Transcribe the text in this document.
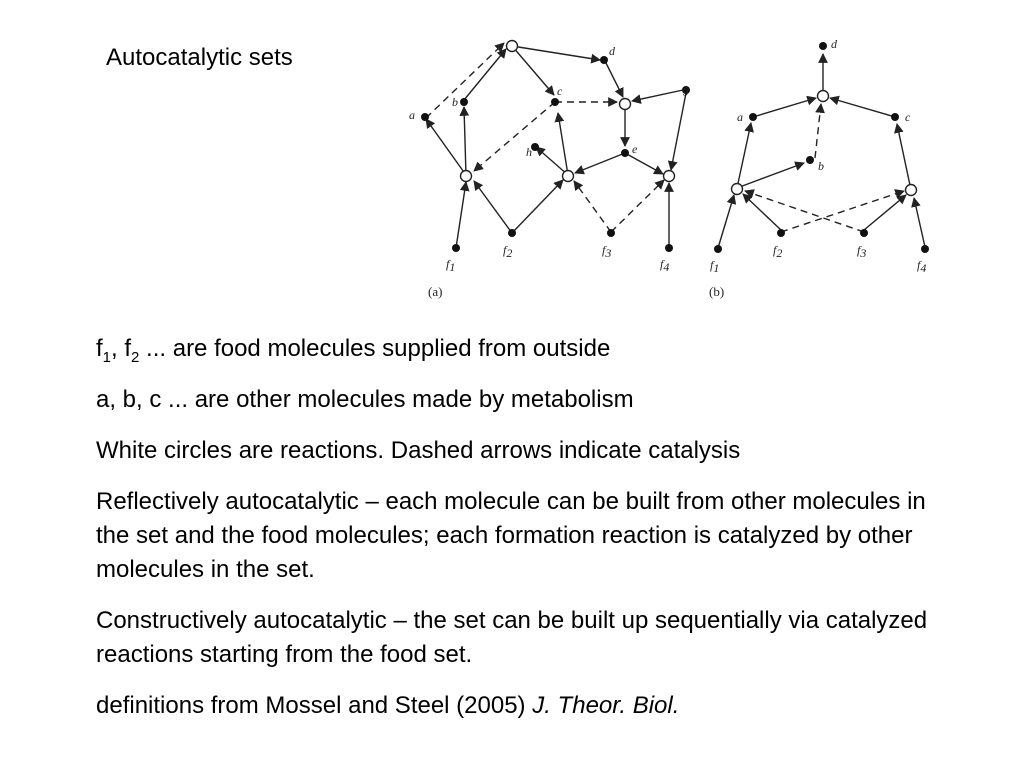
Autocatalytic sets
a
b
c
d
g
h	e
f1
f2	f3
f4
(a)
d
a	c
b
f1
f2	f3
f4
(b)

$f_1$, $f_2$ ... are food molecules supplied from outside

a, b, c ... are other molecules made by metabolism

White circles are reactions. Dashed arrows indicate catalysis

Reflectively autocatalytic – each molecule can be built from other molecules in the set and the food molecules; each formation reaction is catalyzed by other molecules in the set.

Constructively autocatalytic – the set can be built up sequentially via catalyzed reactions starting from the food set.

definitions from Mossel and Steel (2005) J. Theor. Biol.
